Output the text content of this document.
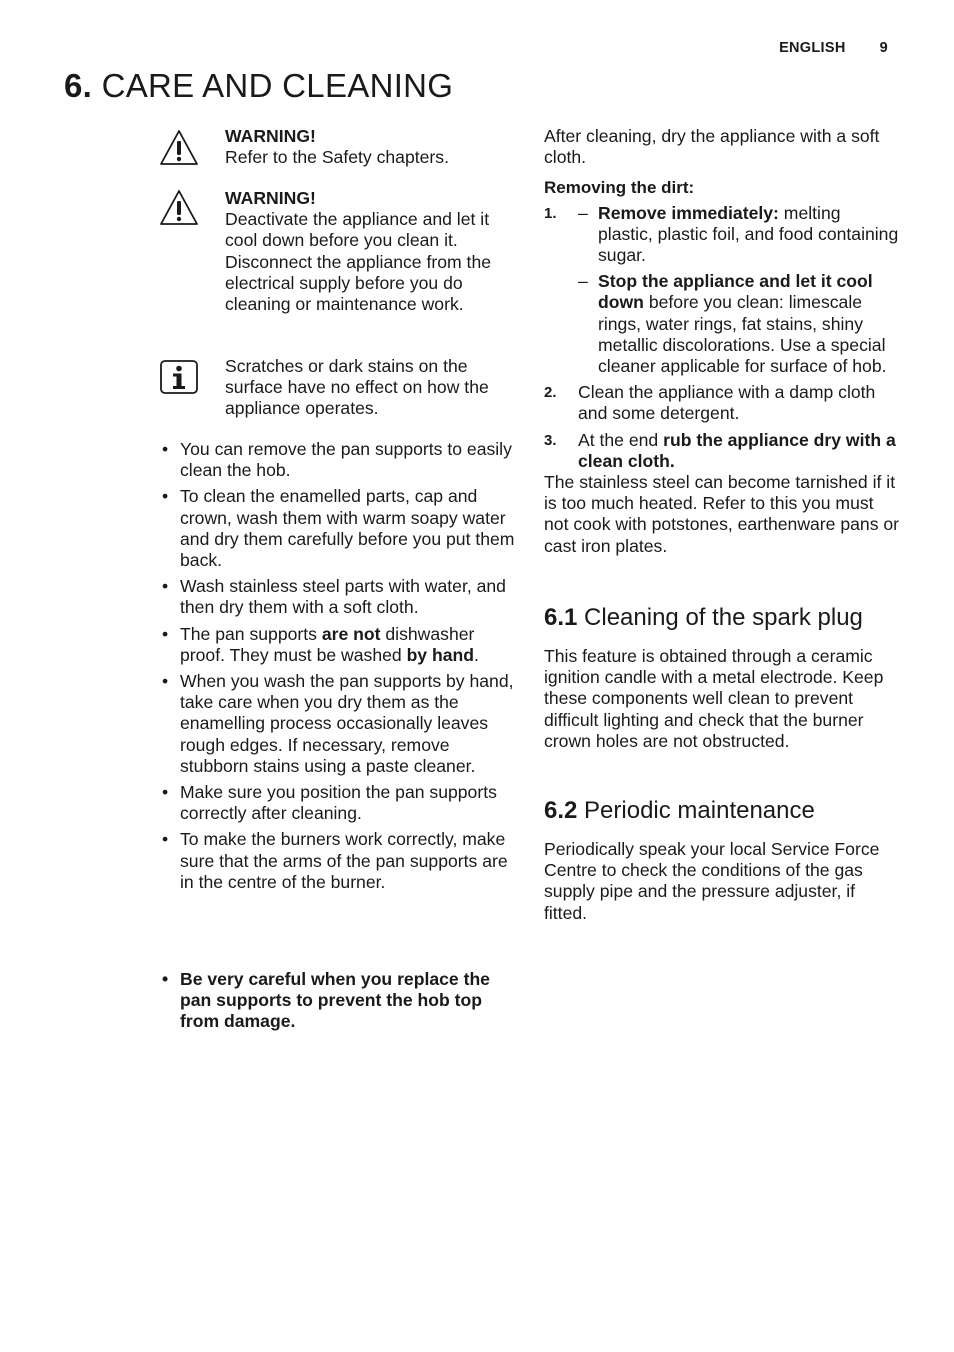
ENGLISH 9
6. CARE AND CLEANING
WARNING!
Refer to the Safety chapters.
WARNING!
Deactivate the appliance and let it cool down before you clean it. Disconnect the appliance from the electrical supply before you do cleaning or maintenance work.
Scratches or dark stains on the surface have no effect on how the appliance operates.
• You can remove the pan supports to easily clean the hob.
• To clean the enamelled parts, cap and crown, wash them with warm soapy water and dry them carefully before you put them back.
• Wash stainless steel parts with water, and then dry them with a soft cloth.
• The pan supports are not dishwasher proof. They must be washed by hand.
• When you wash the pan supports by hand, take care when you dry them as the enamelling process occasionally leaves rough edges. If necessary, remove stubborn stains using a paste cleaner.
• Make sure you position the pan supports correctly after cleaning.
• To make the burners work correctly, make sure that the arms of the pan supports are in the centre of the burner.
• Be very careful when you replace the pan supports to prevent the hob top from damage.

After cleaning, dry the appliance with a soft cloth.

Removing the dirt:

1.
–	Remove immediately: melting plastic, plastic foil, and food containing sugar.
– Stop the appliance and let it cool down before you clean: limescale rings, water rings, fat stains, shiny metallic discolorations. Use a special cleaner applicable for surface of hob.
2. Clean the appliance with a damp cloth and some detergent.
3. At the end rub the appliance dry with a clean cloth.

The stainless steel can become tarnished if it is too much heated. Refer to this you must not cook with potstones, earthenware pans or cast iron plates.

6.1 Cleaning of the spark plug

This feature is obtained through a ceramic ignition candle with a metal electrode. Keep these components well clean to prevent difficult lighting and check that the burner crown holes are not obstructed.

6.2 Periodic maintenance

Periodically speak your local Service Force Centre to check the conditions of the gas supply pipe and the pressure adjuster, if fitted.
